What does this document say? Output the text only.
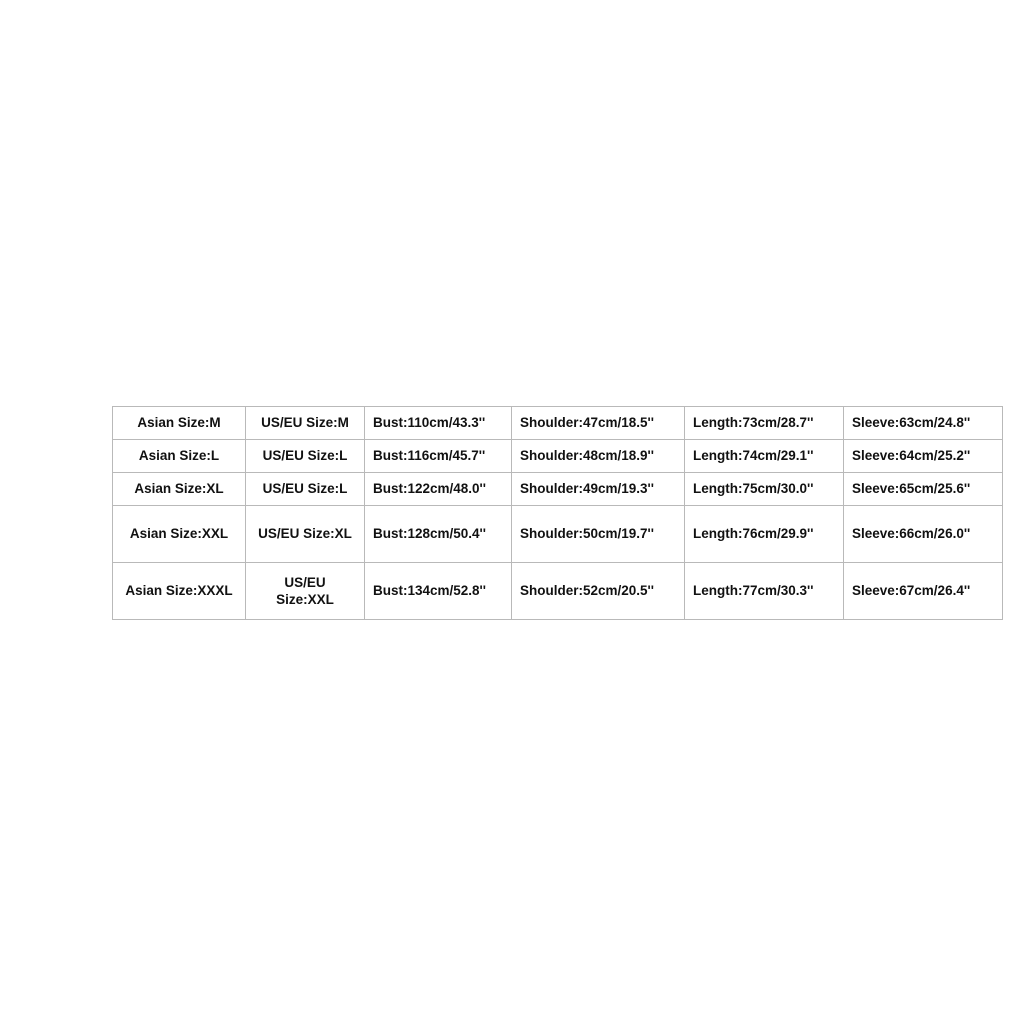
Asian Size:M	US/EU Size:M	Bust:110cm/43.3''	Shoulder:47cm/18.5''	Length:73cm/28.7''	Sleeve:63cm/24.8''
Asian Size:L	US/EU Size:L	Bust:116cm/45.7''	Shoulder:48cm/18.9''	Length:74cm/29.1''	Sleeve:64cm/25.2''
Asian Size:XL	US/EU Size:L	Bust:122cm/48.0''	Shoulder:49cm/19.3''	Length:75cm/30.0''	Sleeve:65cm/25.6''
Asian Size:XXL	US/EU Size:XL	Bust:128cm/50.4''	Shoulder:50cm/19.7''	Length:76cm/29.9''	Sleeve:66cm/26.0''
Asian Size:XXXL	US/EU Size:XXL	Bust:134cm/52.8''	Shoulder:52cm/20.5''	Length:77cm/30.3''	Sleeve:67cm/26.4''
